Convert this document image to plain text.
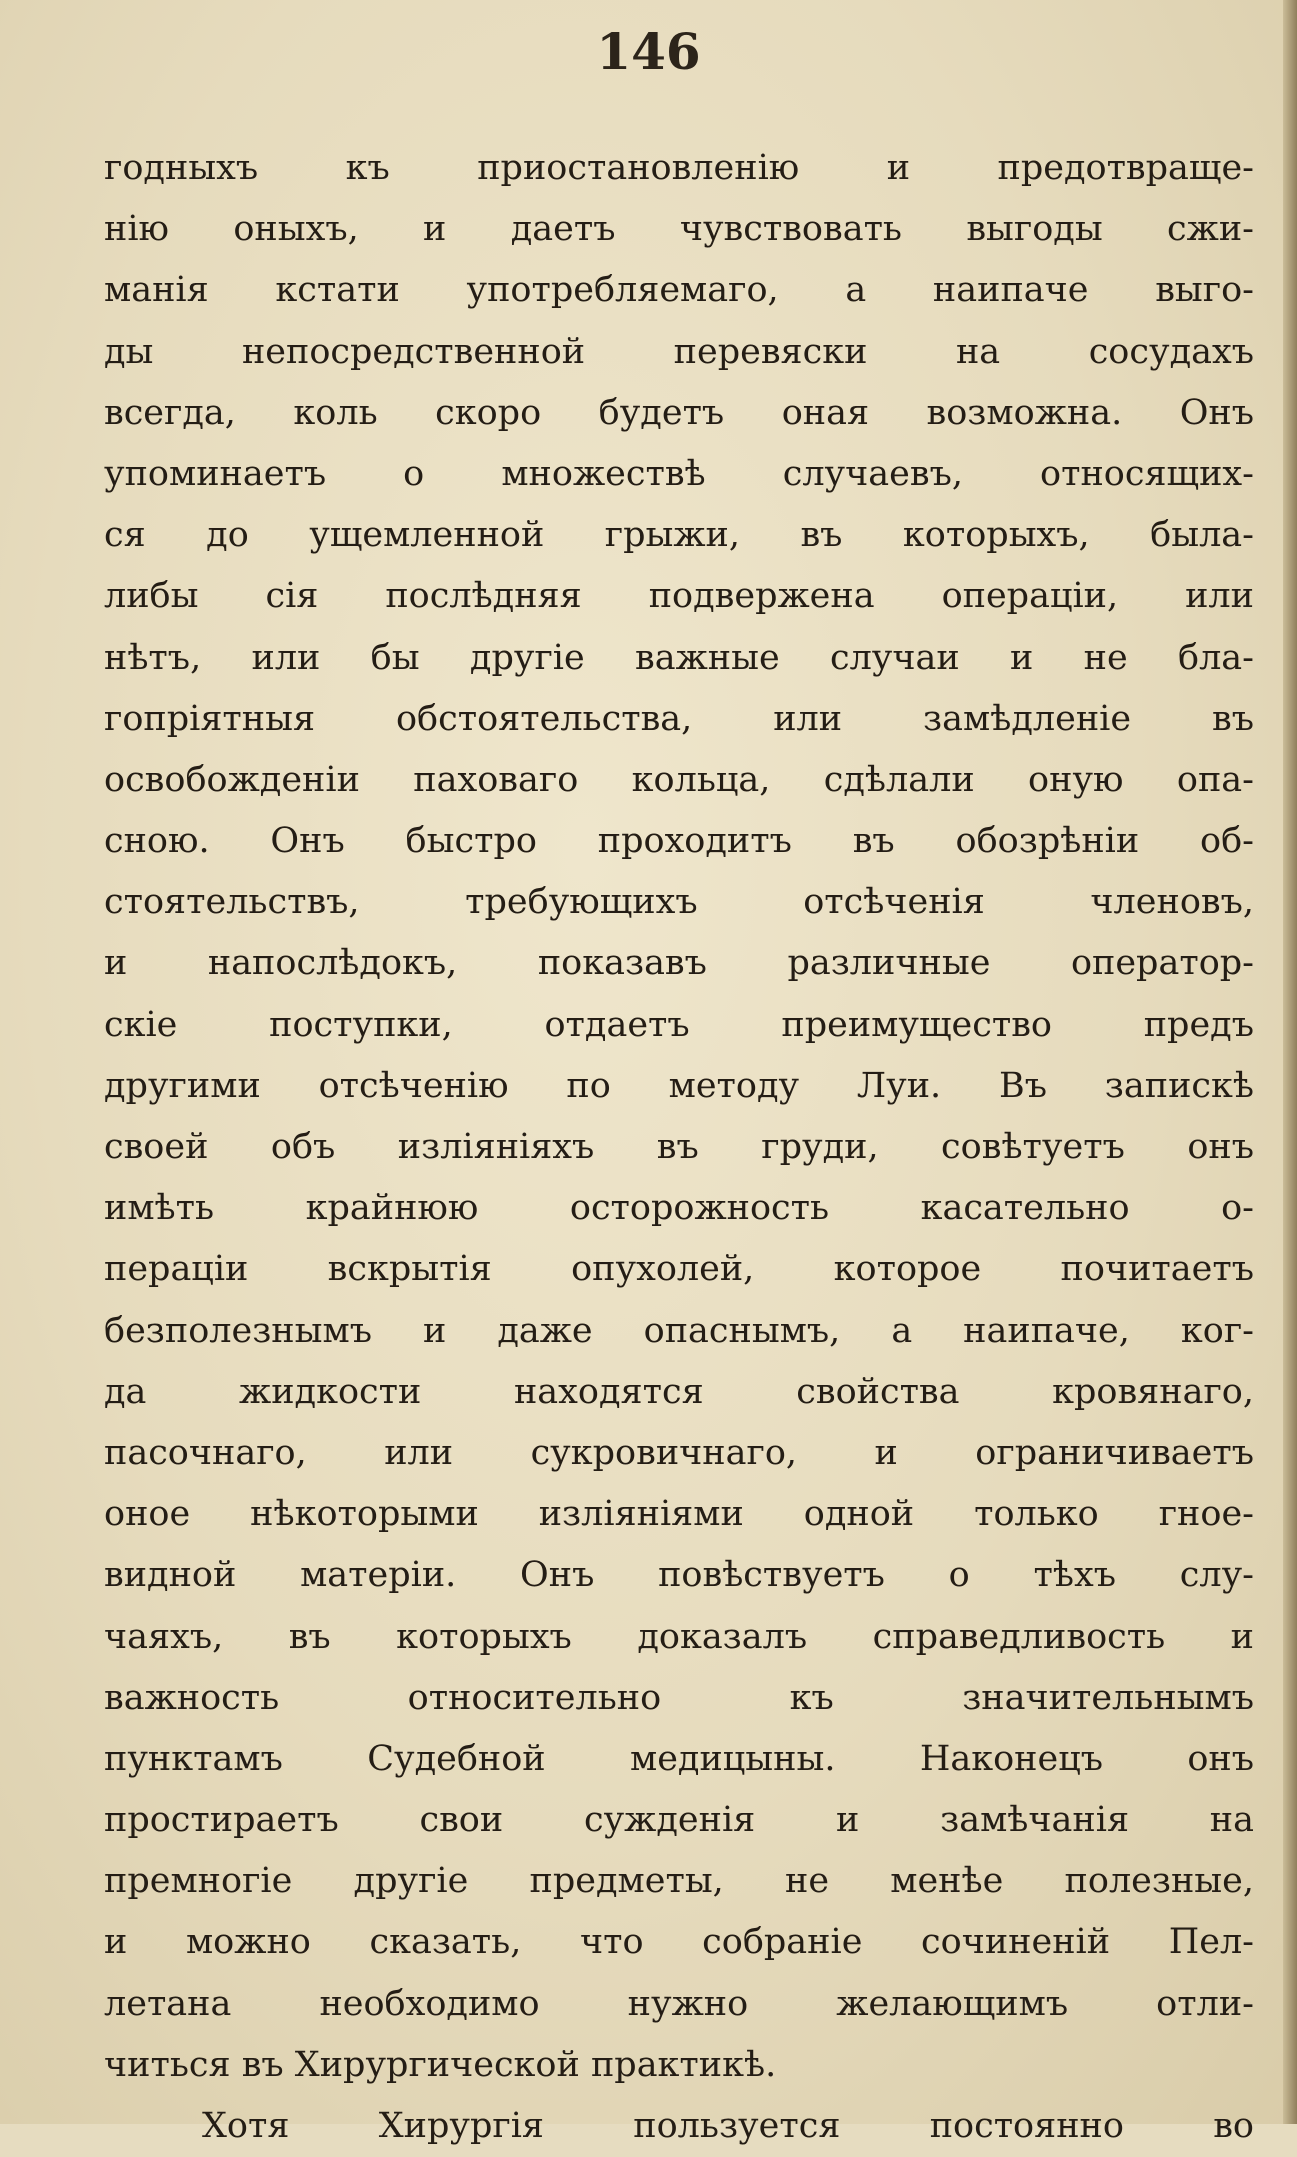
146
годныхъ къ приостановленію и предотвраще-
нію оныхъ, и даетъ чувствовать выгоды сжи-
манія кстати употребляемаго, а наипаче выго-
ды непосредственной перевяски на сосудахъ
всегда, коль скоро будетъ оная возможна. Онъ
упоминаетъ о множествѣ случаевъ, относящих-
ся до ущемленной грыжи, въ которыхъ, была-
либы сія послѣдняя подвержена операціи, или
нѣтъ, или бы другіе важные случаи и не бла-
гопріятныя обстоятельства, или замѣдленіе въ
освобожденіи паховаго кольца, сдѣлали оную опа-
сною. Онъ быстро проходитъ въ обозрѣніи об-
стоятельствъ, требующихъ отсѣченія членовъ,
и напослѣдокъ, показавъ различные оператор-
скіе поступки, отдаетъ преимущество предъ
другими отсѣченію по методу Луи. Въ запискѣ
своей объ изліяніяхъ въ груди, совѣтуетъ онъ
имѣть крайнюю осторожность касательно о-
пераціи вскрытія опухолей, которое почитаетъ
безполезнымъ и даже опаснымъ, а наипаче, ког-
да жидкости находятся свойства кровянаго,
пасочнаго, или сукровичнаго, и ограничиваетъ
оное нѣкоторыми изліяніями одной только гное-
видной матеріи. Онъ повѣствуетъ о тѣхъ слу-
чаяхъ, въ которыхъ доказалъ справедливость и
важность относительно къ значительнымъ
пунктамъ Судебной медицыны. Наконецъ онъ
простираетъ свои сужденія и замѣчанія на
премногіе другіе предметы, не менѣе полезные,
и можно сказать, что собраніе сочиненій Пел-
летана необходимо нужно желающимъ отли-
читься въ Хирургической практикѣ.
Хотя Хирургія пользуется постоянно во
